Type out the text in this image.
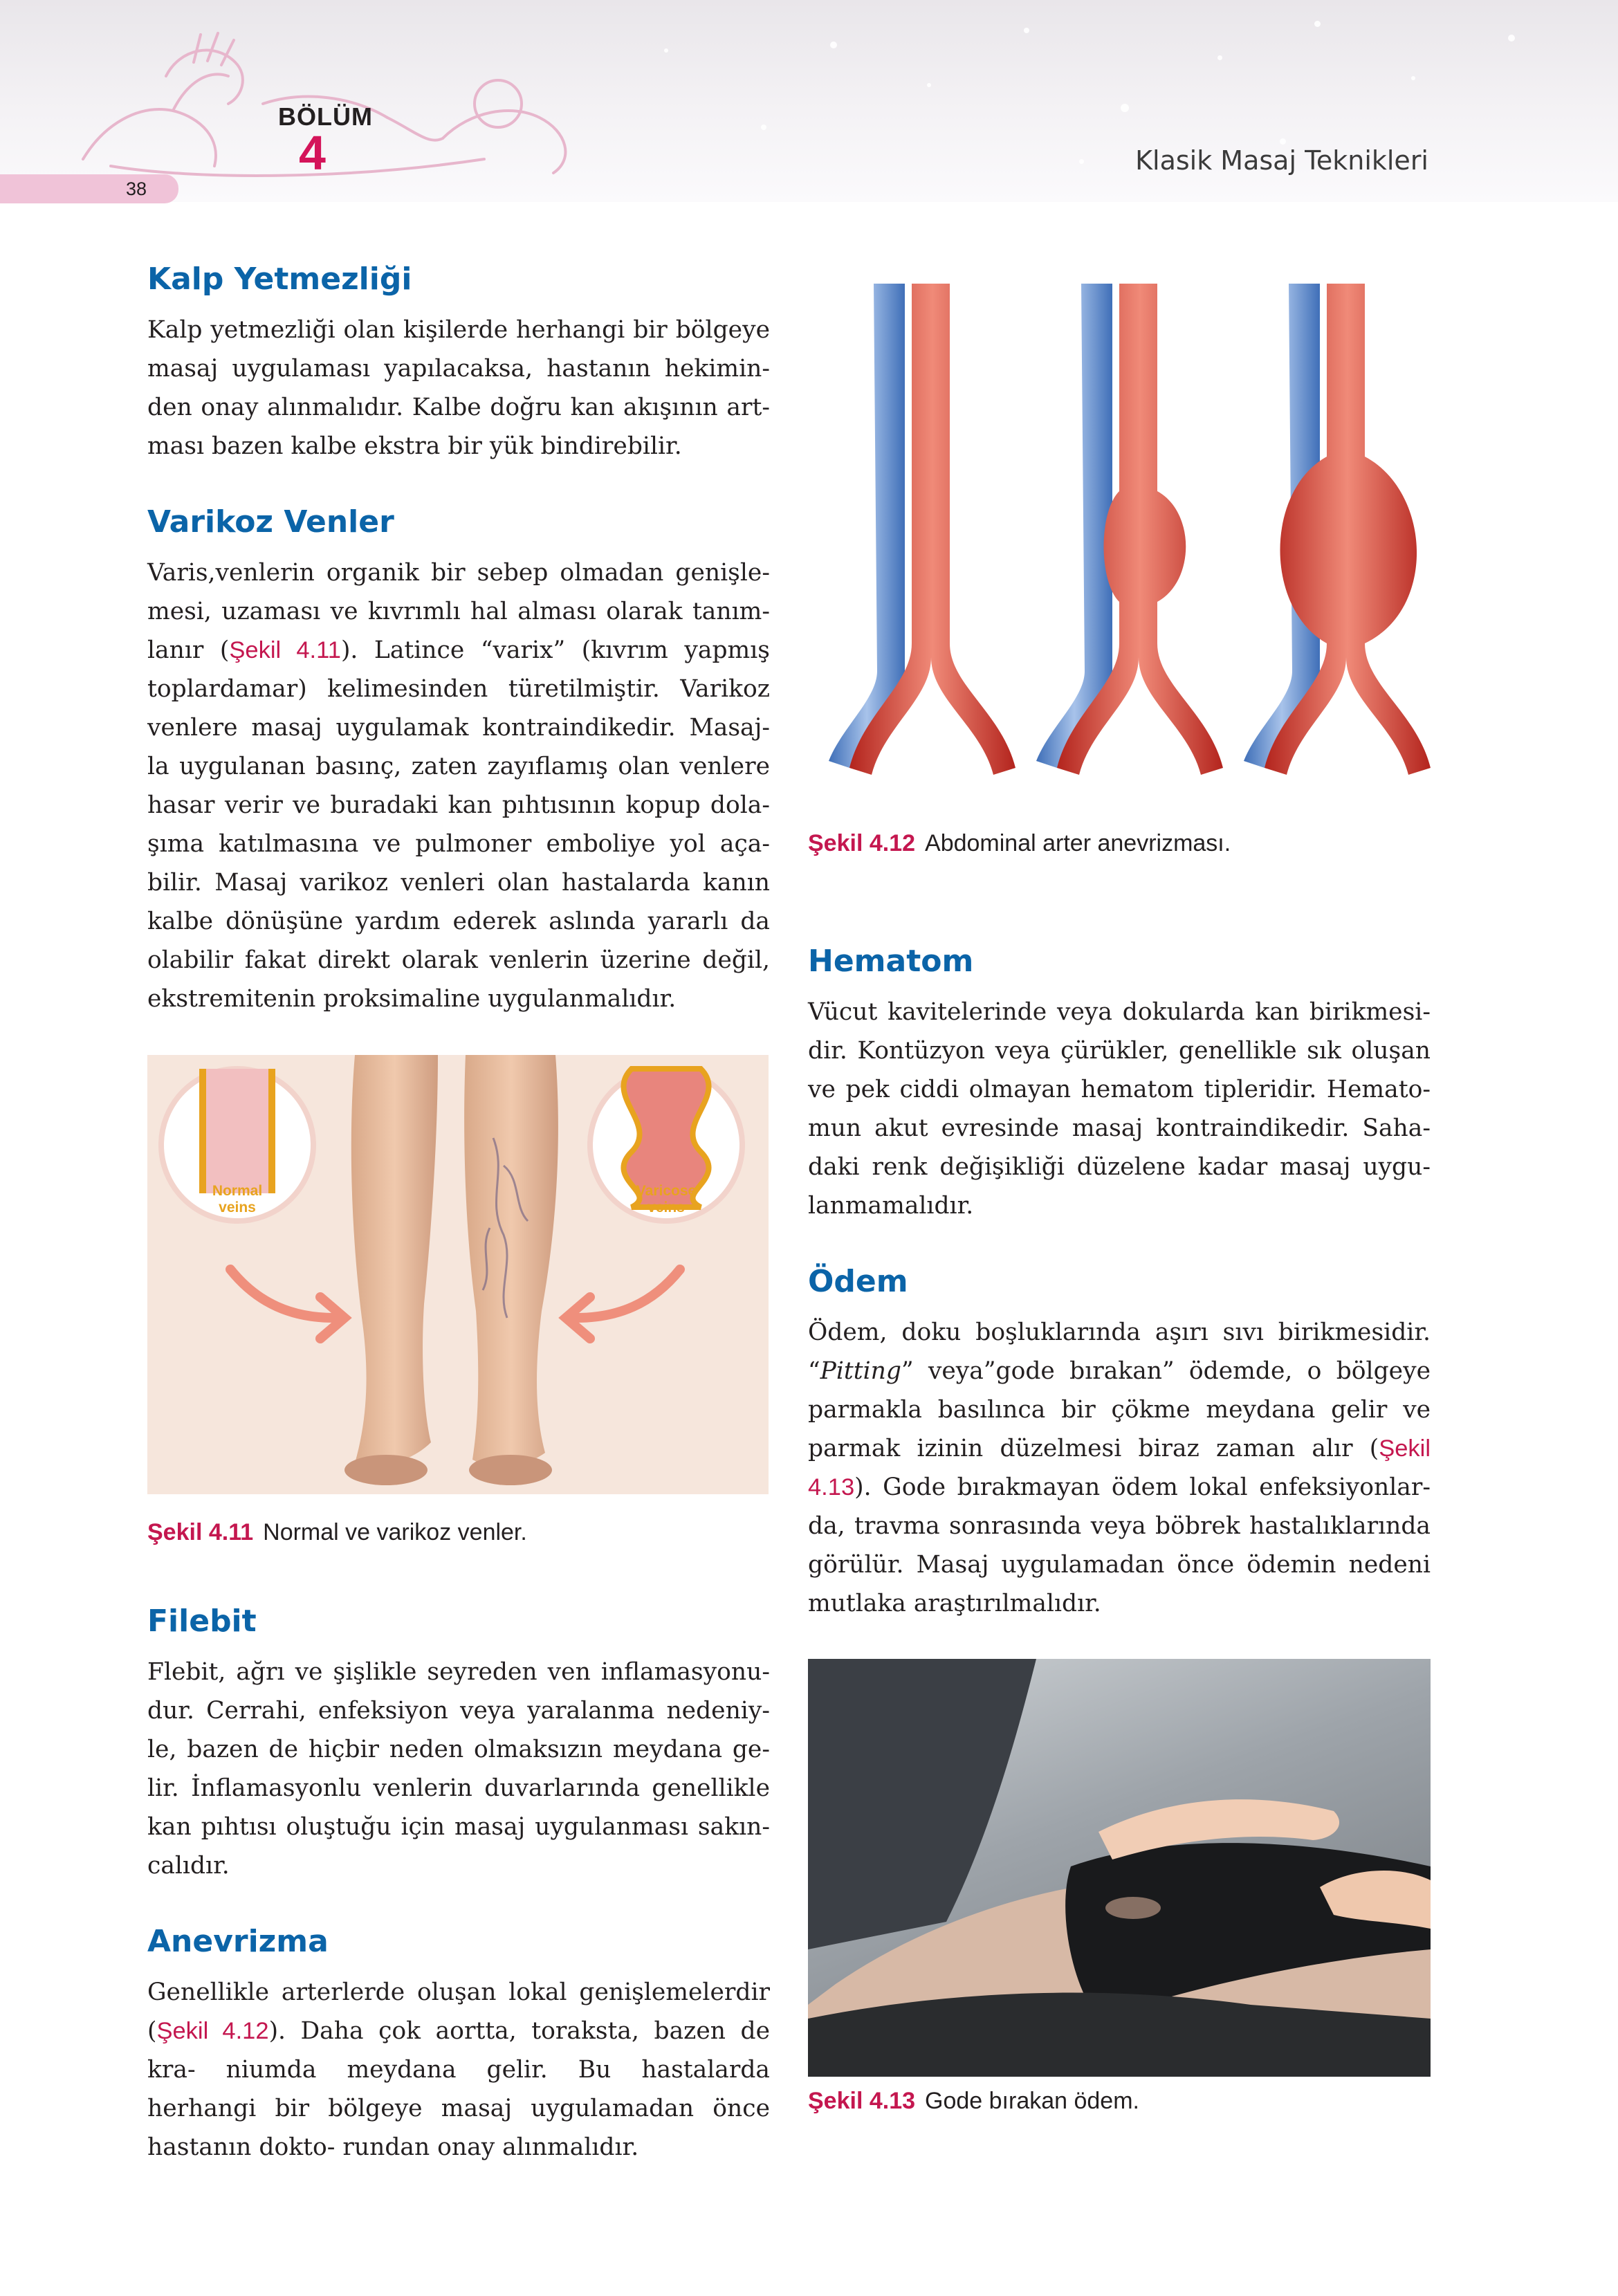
38
BÖLÜM
4	Klasik Masaj Teknikleri
Kalp Yetmezliği

Kalp yetmezliği olan kişilerde herhangi bir bölgeye masaj uygulaması yapılacaksa, hastanın hekimin- den onay alınmalıdır. Kalbe doğru kan akışının art- ması bazen kalbe ekstra bir yük bindirebilir.

Varikoz Venler

Varis,venlerin organik bir sebep olmadan genişle- mesi, uzaması ve kıvrımlı hal alması olarak tanım- lanır (Şekil 4.11). Latince “varix” (kıvrım yapmış toplardamar) kelimesinden türetilmiştir. Varikoz venlere masaj uygulamak kontraindikedir. Masaj- la uygulanan basınç, zaten zayıflamış olan venlere hasar verir ve buradaki kan pıhtısının kopup dola- şıma katılmasına ve pulmoner emboliye yol aça- bilir. Masaj varikoz venleri olan hastalarda kanın kalbe dönüşüne yardım ederek aslında yararlı da olabilir fakat direkt olarak venlerin üzerine değil, ekstremitenin proksimaline uygulanmalıdır.

Normal
veins
Varicose
veins
Şekil 4.11 Normal ve varikoz venler.
Filebit

Flebit, ağrı ve şişlikle seyreden ven inflamasyonu- dur. Cerrahi, enfeksiyon veya yaralanma nedeniy- le, bazen de hiçbir neden olmaksızın meydana ge- lir. İnflamasyonlu venlerin duvarlarında genellikle kan pıhtısı oluştuğu için masaj uygulanması sakın- calıdır.

Anevrizma

Genellikle arterlerde oluşan lokal genişlemelerdir (Şekil 4.12). Daha çok aortta, toraksta, bazen de kra- niumda meydana gelir. Bu hastalarda herhangi bir bölgeye masaj uygulamadan önce hastanın dokto- rundan onay alınmalıdır.

Şekil 4.12 Abdominal arter anevrizması.
Hematom

Vücut kavitelerinde veya dokularda kan birikmesi- dir. Kontüzyon veya çürükler, genellikle sık oluşan ve pek ciddi olmayan hematom tipleridir. Hemato- mun akut evresinde masaj kontraindikedir. Saha- daki renk değişikliği düzelene kadar masaj uygu- lanmamalıdır.

Ödem

Ödem, doku boşluklarında aşırı sıvı birikmesidir. “Pitting” veya”gode bırakan” ödemde, o bölgeye parmakla basılınca bir çökme meydana gelir ve parmak izinin düzelmesi biraz zaman alır (Şekil 4.13). Gode bırakmayan ödem lokal enfeksiyonlar- da, travma sonrasında veya böbrek hastalıklarında görülür. Masaj uygulamadan önce ödemin nedeni mutlaka araştırılmalıdır.

Şekil 4.13 Gode bırakan ödem.
